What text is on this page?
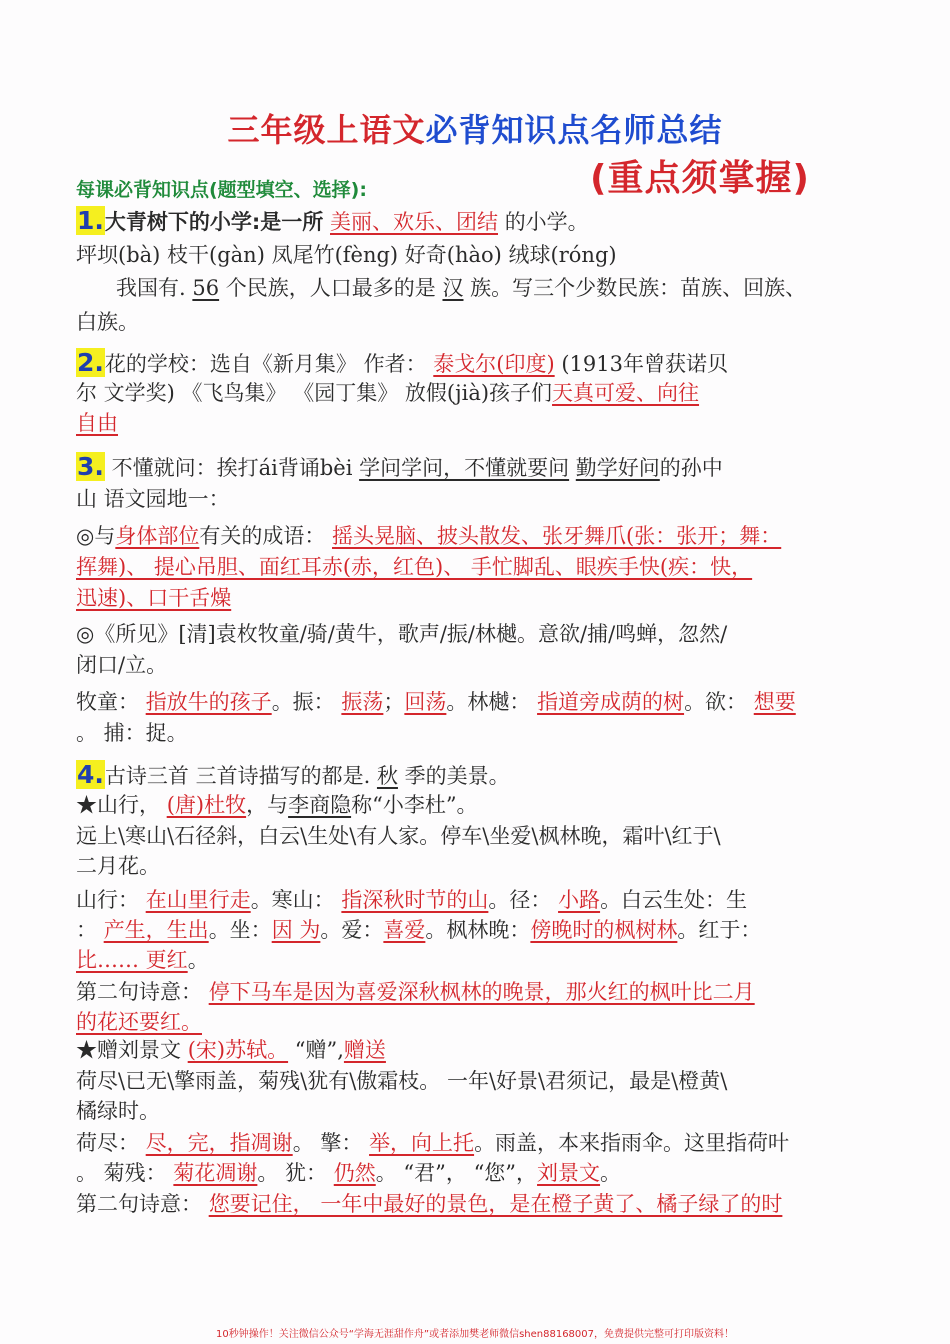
三年级上语文必背知识点名师总结
(重点须掌握)
每课必背知识点(题型填空、选择):
1.大青树下的小学:是一所 美丽、欢乐、团结 的小学。
坪坝(bà) 枝干(gàn) 凤尾竹(fèng) 好奇(hào) 绒球(róng)
我国有. 56 个民族，人口最多的是 汉 族。写三个少数民族：苗族、回族、
白族。
2.花的学校：选自《新月集》 作者： 泰戈尔(印度) (1913年曾获诺贝
尔 文学奖) 《飞鸟集》 《园丁集》 放假(jià)孩子们天真可爱、向往
自由
3. 不懂就问：挨打ái背诵bèi 学问学问，不懂就要问 勤学好问的孙中
山 语文园地一：
◎与身体部位有关的成语： 摇头晃脑、披头散发、张牙舞爪(张：张开；舞：
挥舞)、 提心吊胆、面红耳赤(赤，红色)、 手忙脚乱、眼疾手快(疾：快，
迅速)、口干舌燥
◎《所见》[清]袁枚牧童/骑/黄牛，歌声/振/林樾。意欲/捕/鸣蝉，忽然/
闭口/立。
牧童： 指放牛的孩子。振： 振荡；回荡。林樾： 指道旁成荫的树。欲： 想要
。 捕：捉。
4.古诗三首 三首诗描写的都是. 秋 季的美景。
★山行， (唐)杜牧，与李商隐称“小李杜”。
远上\寒山\石径斜，白云\生处\有人家。停车\坐爱\枫林晚，霜叶\红于\
二月花。
山行： 在山里行走。寒山： 指深秋时节的山。径： 小路。白云生处：生
： 产生，生出。坐：因 为。爱：喜爱。枫林晚：傍晚时的枫树林。红于：
比…… 更红。
第二句诗意： 停下马车是因为喜爱深秋枫林的晚景，那火红的枫叶比二月
的花还要红。
★赠刘景文 (宋)苏轼。 “赠”,赠送
荷尽\已无\擎雨盖，菊残\犹有\傲霜枝。 一年\好景\君须记，最是\橙黄\
橘绿时。
荷尽： 尽，完，指凋谢。 擎： 举，向上托。雨盖，本来指雨伞。这里指荷叶
。 菊残： 菊花凋谢。 犹： 仍然。 “君”， “您”，刘景文。
第二句诗意： 您要记住， 一年中最好的景色，是在橙子黄了、橘子绿了的时
10秒钟操作！关注微信公众号“学海无涯甜作舟”或者添加樊老师微信shen88168007，免费提供完整可打印版资料！
